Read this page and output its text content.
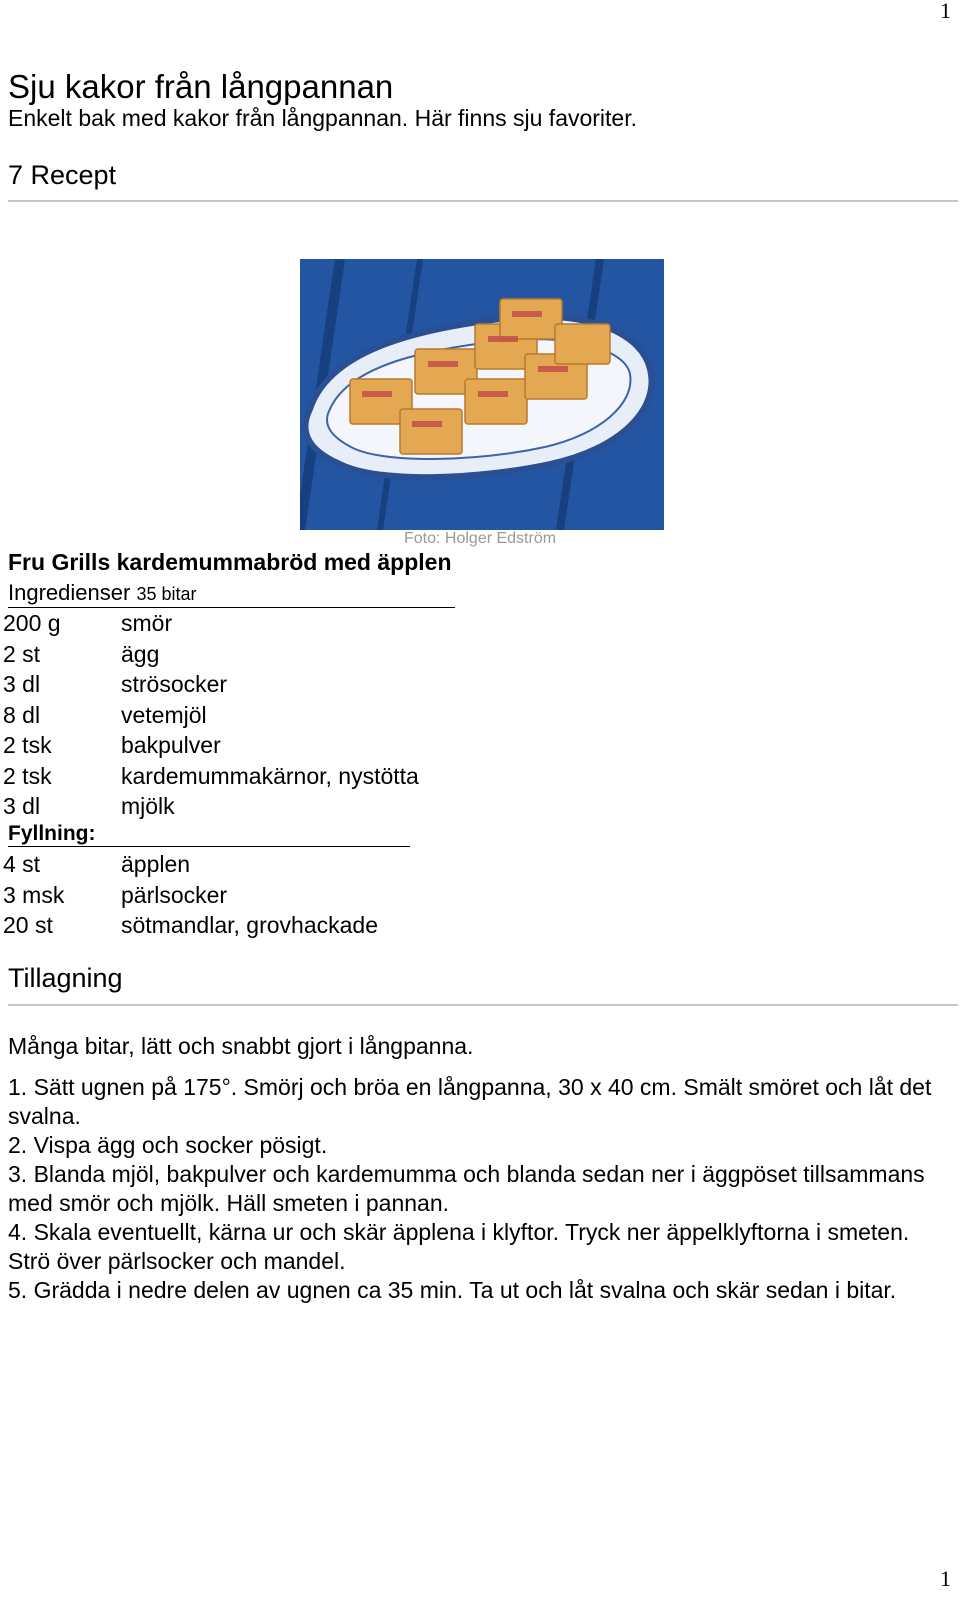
1
Sju kakor från långpannan
Enkelt bak med kakor från långpannan. Här finns sju favoriter.
7 Recept
Foto: Holger Edström
Fru Grills kardemummabröd med äpplen
Ingredienser 35 bitar
200 g	smör
2 st	ägg
3 dl	strösocker
8 dl	vetemjöl
2 tsk	bakpulver
2 tsk	kardemummakärnor, nystötta
3 dl	mjölk
Fyllning:
4 st	äpplen
3 msk pärlsocker
20 st	sötmandlar, grovhackade
Tillagning
Många bitar, lätt och snabbt gjort i långpanna.
1. Sätt ugnen på 175°. Smörj och bröa en långpanna, 30 x 40 cm. Smält smöret och låt det svalna.
2. Vispa ägg och socker pösigt.
3. Blanda mjöl, bakpulver och kardemumma och blanda sedan ner i äggpöset tillsammans med smör och mjölk. Häll smeten i pannan.
4. Skala eventuellt, kärna ur och skär äpplena i klyftor. Tryck ner äppelklyftorna i smeten. Strö över pärlsocker och mandel.
5. Grädda i nedre delen av ugnen ca 35 min. Ta ut och låt svalna och skär sedan i bitar.
1
